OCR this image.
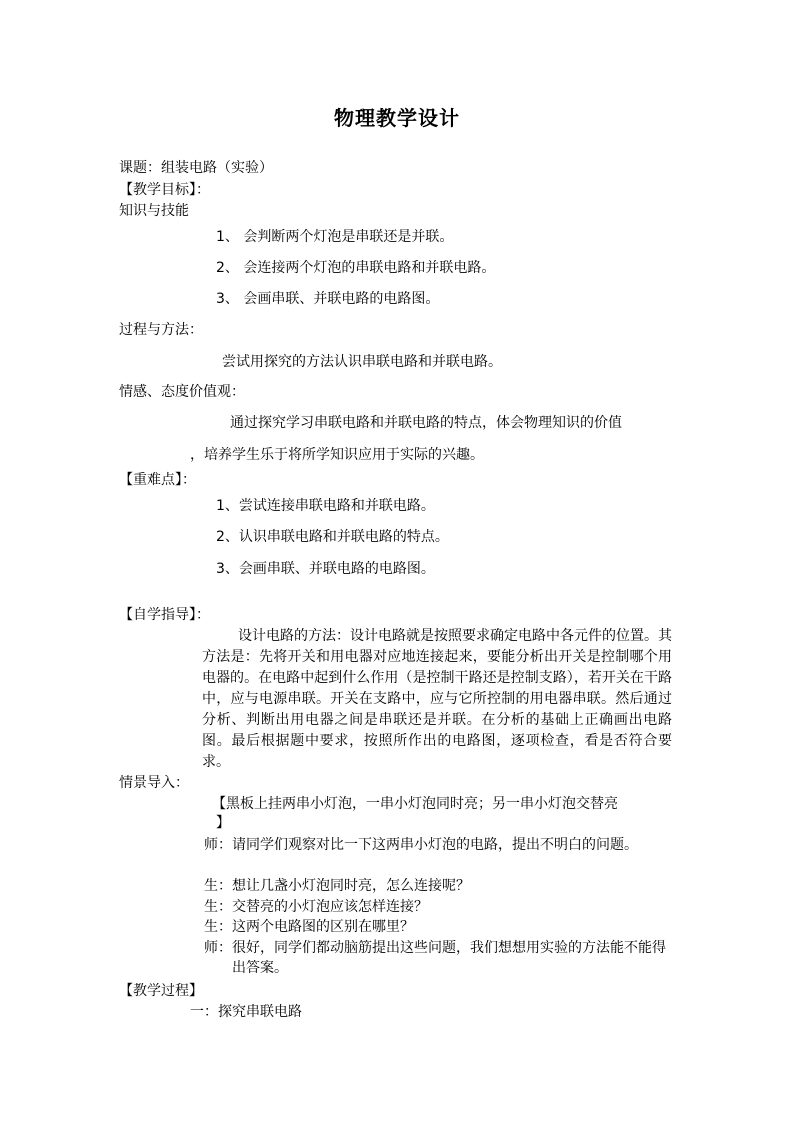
物理教学设计
课题：组装电路（实验）
【教学目标】：
知识与技能
1、 会判断两个灯泡是串联还是并联。
2、 会连接两个灯泡的串联电路和并联电路。
3、 会画串联、并联电路的电路图。
过程与方法：
尝试用探究的方法认识串联电路和并联电路。
情感、态度价值观：
通过探究学习串联电路和并联电路的特点，体会物理知识的价值
，培养学生乐于将所学知识应用于实际的兴趣。
【重难点】：
1、尝试连接串联电路和并联电路。
2、认识串联电路和并联电路的特点。
3、会画串联、并联电路的电路图。
【自学指导】：
设计电路的方法：设计电路就是按照要求确定电路中各元件的位置。其方法是：先将开关和用电器对应地连接起来，要能分析出开关是控制哪个用电器的。在电路中起到什么作用（是控制干路还是控制支路），若开关在干路中，应与电源串联。开关在支路中，应与它所控制的用电器串联。然后通过分析、判断出用电器之间是串联还是并联。在分析的基础上正确画出电路图。最后根据题中要求，按照所作出的电路图，逐项检查，看是否符合要求。
情景导入：
【黑板上挂两串小灯泡，一串小灯泡同时亮；另一串小灯泡交替亮
】
师：请同学们观察对比一下这两串小灯泡的电路，提出不明白的问题。
生：想让几盏小灯泡同时亮，怎么连接呢？
生：交替亮的小灯泡应该怎样连接？
生：这两个电路图的区别在哪里？
师：很好，同学们都动脑筋提出这些问题，我们想想用实验的方法能不能得出答案。
【教学过程】
一：探究串联电路
